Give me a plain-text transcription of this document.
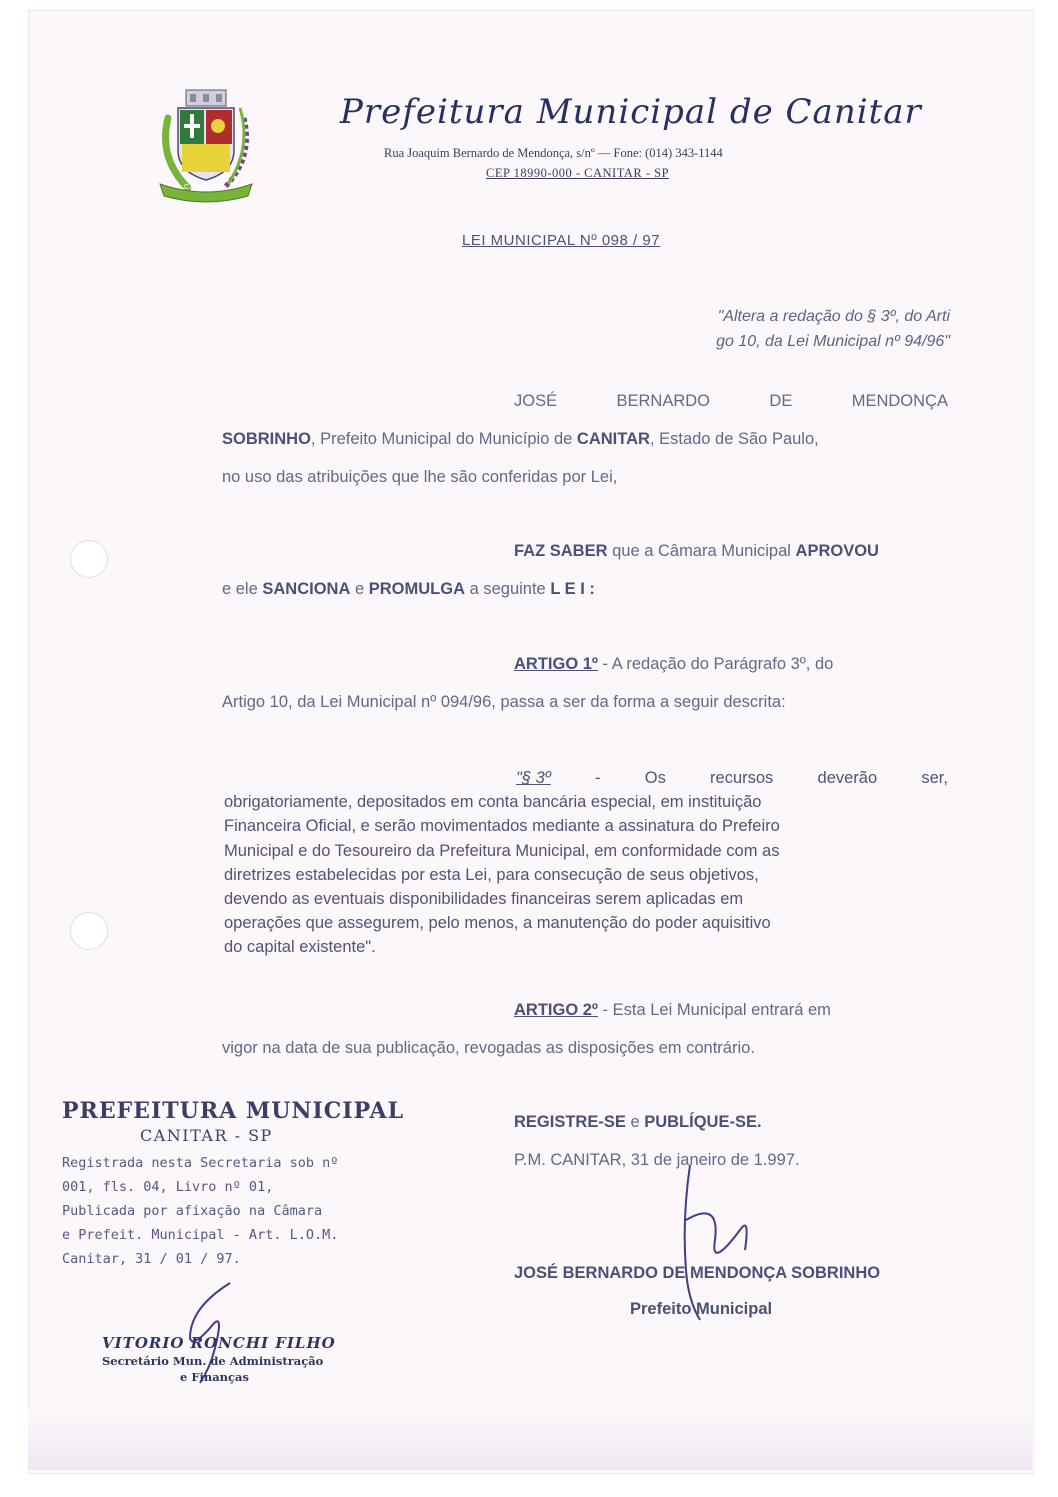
CANITAR
Prefeitura Municipal de Canitar
Rua Joaquim Bernardo de Mendonça, s/nº — Fone: (014) 343-1144
CEP 18990-000 - CANITAR - SP
LEI MUNICIPAL Nº 098 / 97
"Altera a redação do § 3º, do Arti
go 10, da Lei Municipal nº 94/96"
JOSÉ	BERNARDO	DE	MENDONÇA
SOBRINHO, Prefeito Municipal do Município de CANITAR, Estado de São Paulo,
no uso das atribuições que lhe são conferidas por Lei,
FAZ SABER que a Câmara Municipal APROVOU
e ele SANCIONA e PROMULGA a seguinte L E I :
ARTIGO 1º - A redação do Parágrafo 3º, do
Artigo 10, da Lei Municipal nº 094/96, passa a ser da forma a seguir descrita:
"§ 3º	-	Os	recursos	deverão	ser,
obrigatoriamente, depositados em conta bancária especial, em instituição
Financeira Oficial, e serão movimentados mediante a assinatura do Prefeiro
Municipal e do Tesoureiro da Prefeitura Municipal, em conformidade com as
diretrizes estabelecidas por esta Lei, para consecução de seus objetivos,
devendo as eventuais disponibilidades financeiras serem aplicadas em
operações que assegurem, pelo menos, a manutenção do poder aquisitivo
do capital existente".
ARTIGO 2º - Esta Lei Municipal entrará em
vigor na data de sua publicação, revogadas as disposições em contrário.
REGISTRE-SE e PUBLÍQUE-SE.
P.M. CANITAR, 31 de janeiro de 1.997.
JOSÉ BERNARDO DE MENDONÇA SOBRINHO
Prefeito Municipal
PREFEITURA MUNICIPAL
CANITAR - SP
Registrada nesta Secretaria sob nº
001, fls. 04, Livro nº 01,
Publicada por afixação na Câmara
e Prefeit. Municipal - Art. L.O.M.
Canitar, 31 / 01 / 97.
VITORIO RONCHI FILHO
Secretário Mun. de Administração
e Finanças
